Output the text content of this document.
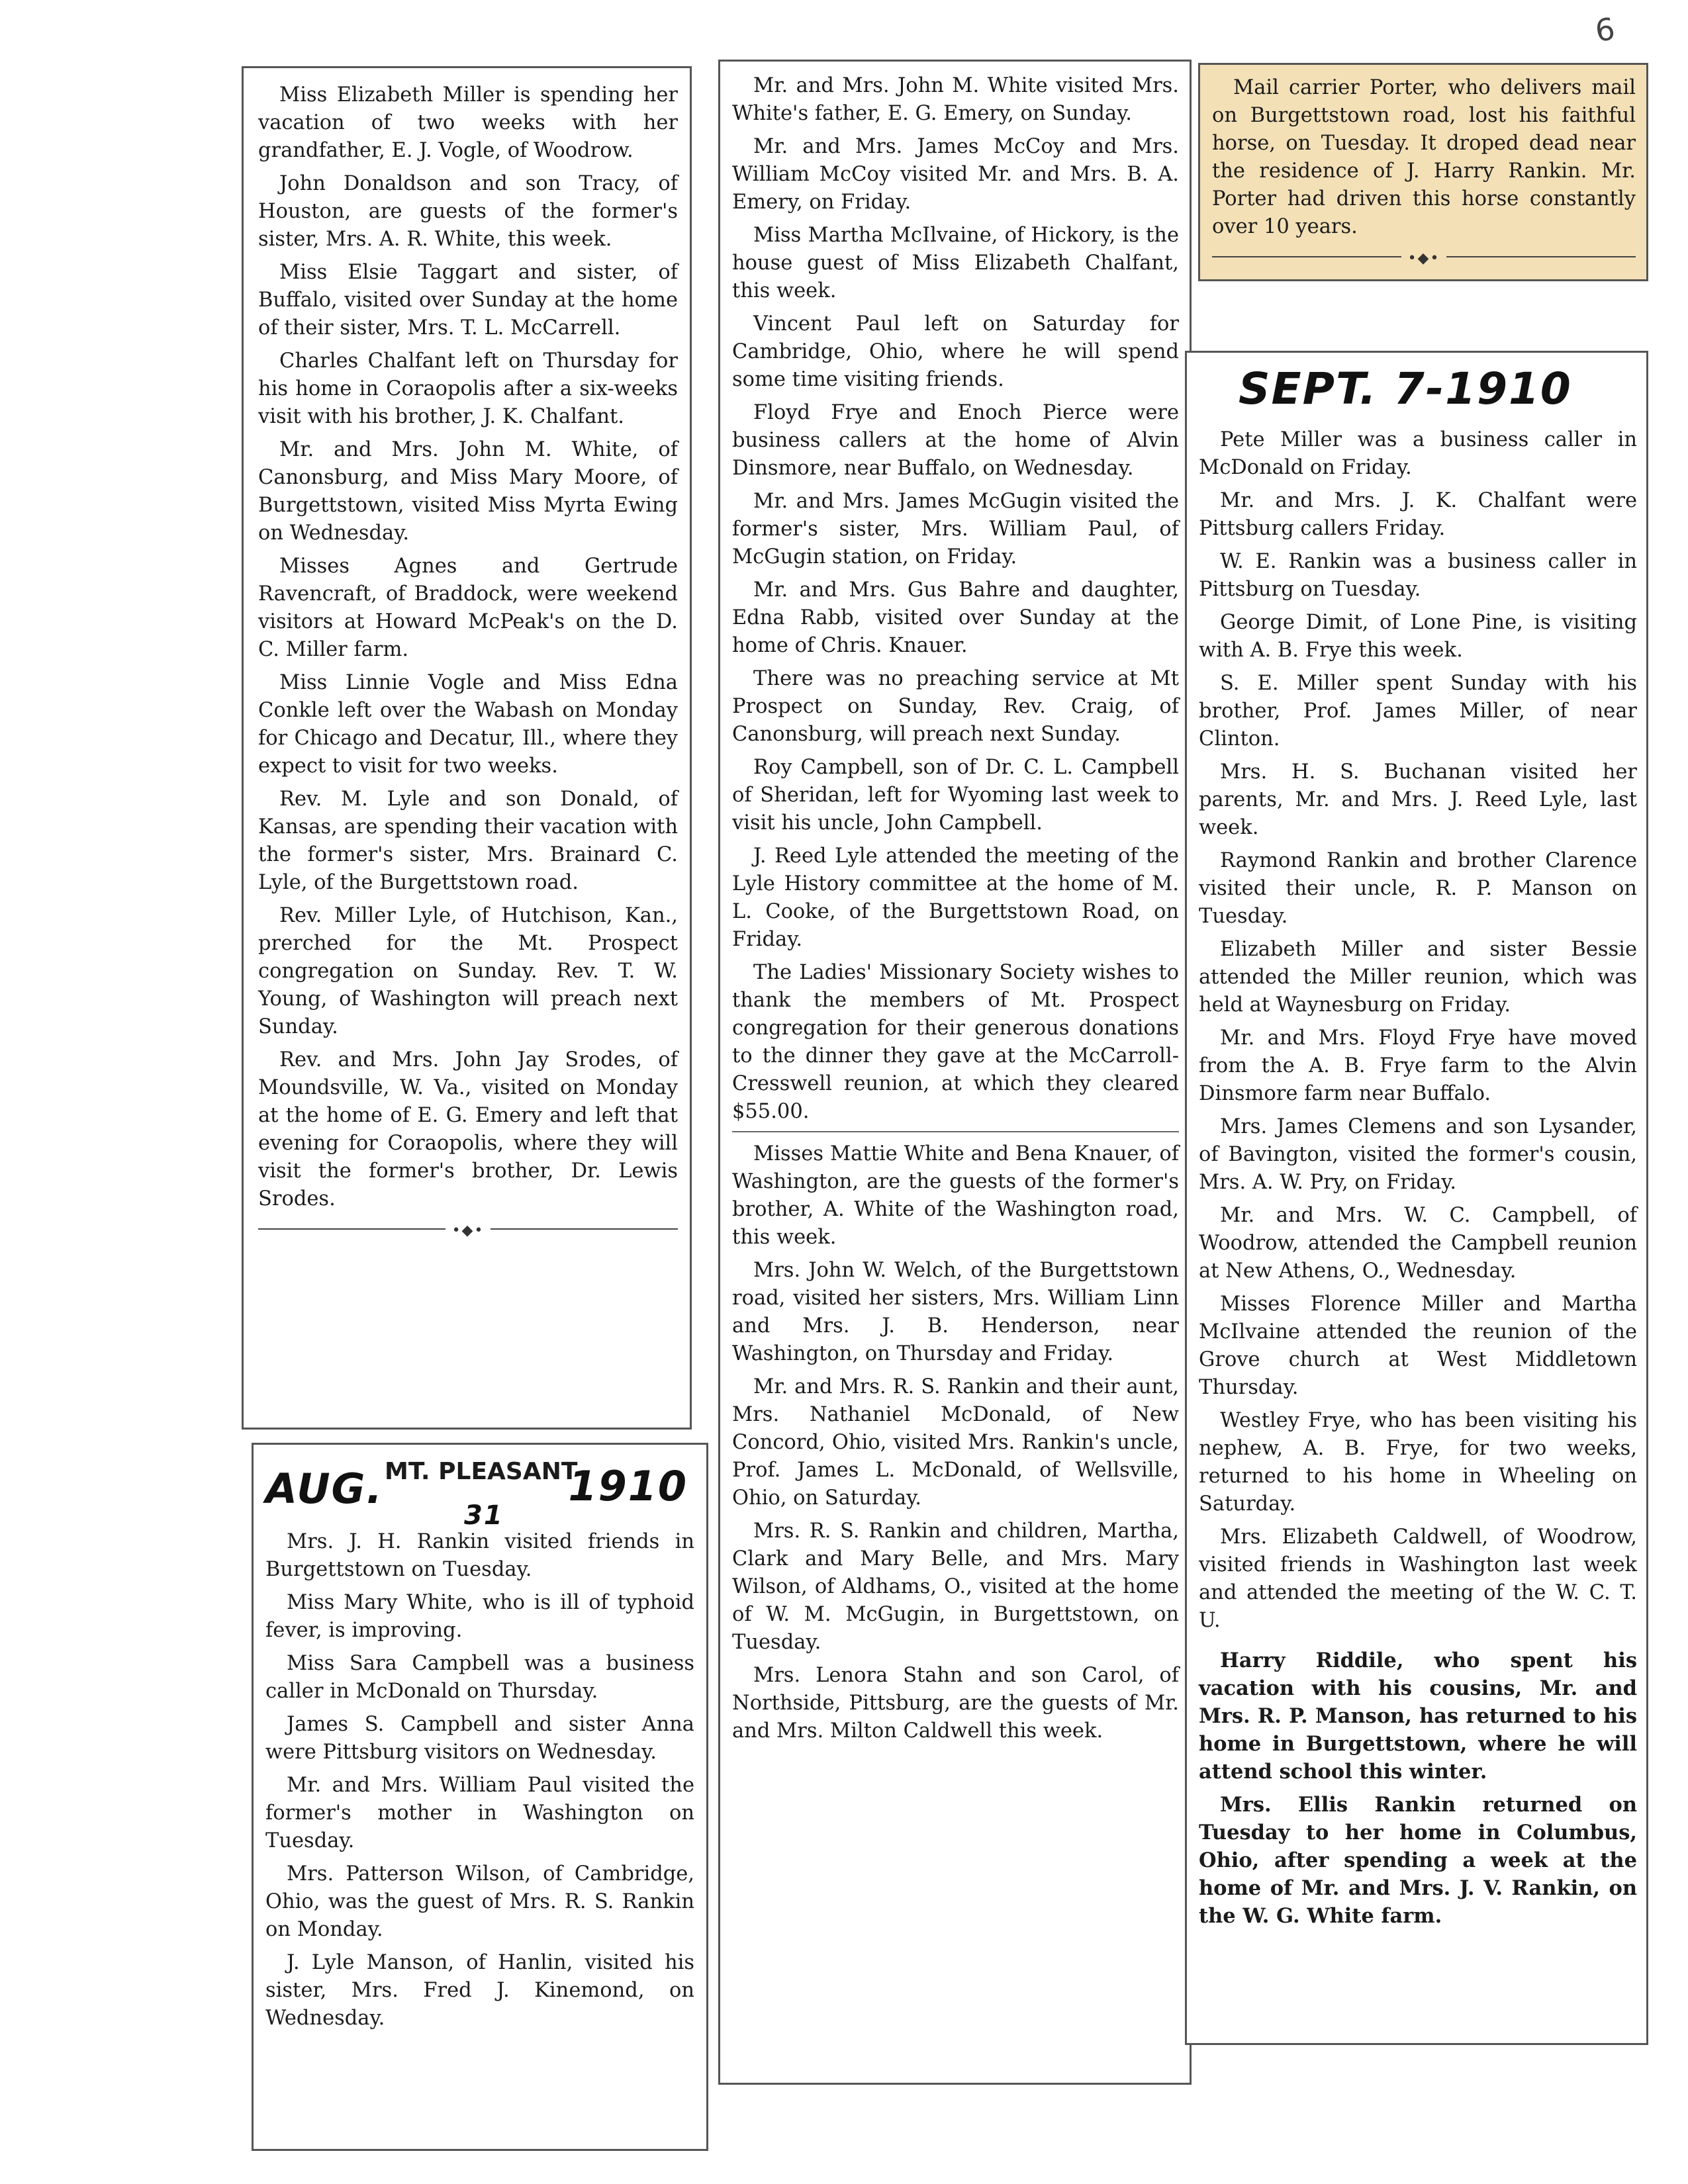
6

Miss Elizabeth Miller is spending her vacation of two weeks with her grandfather, E. J. Vogle, of Woodrow.

John Donaldson and son Tracy, of Houston, are guests of the former's sister, Mrs. A. R. White, this week.

Miss Elsie Taggart and sister, of Buffalo, visited over Sunday at the home of their sister, Mrs. T. L. McCarrell.

Charles Chalfant left on Thursday for his home in Coraopolis after a six-weeks visit with his brother, J. K. Chalfant.

Mr. and Mrs. John M. White, of Canonsburg, and Miss Mary Moore, of Burgettstown, visited Miss Myrta Ewing on Wednesday.

Misses Agnes and Gertrude Ravencraft, of Braddock, were weekend visitors at Howard McPeak's on the D. C. Miller farm.

Miss Linnie Vogle and Miss Edna Conkle left over the Wabash on Monday for Chicago and Decatur, Ill., where they expect to visit for two weeks.

Rev. M. Lyle and son Donald, of Kansas, are spending their vacation with the former's sister, Mrs. Brainard C. Lyle, of the Burgettstown road.

Rev. Miller Lyle, of Hutchison, Kan., prerched for the Mt. Prospect congregation on Sunday. Rev. T. W. Young, of Washington will preach next Sunday.

Rev. and Mrs. John Jay Srodes, of Moundsville, W. Va., visited on Monday at the home of E. G. Emery and left that evening for Coraopolis, where they will visit the former's brother, Dr. Lewis Srodes.

•◆•
AUG. MT. PLEASANT
31
1910

Mrs. J. H. Rankin visited friends in Burgettstown on Tuesday.

Miss Mary White, who is ill of typhoid fever, is improving.

Miss Sara Campbell was a business caller in McDonald on Thursday.

James S. Campbell and sister Anna were Pittsburg visitors on Wednesday.

Mr. and Mrs. William Paul visited the former's mother in Washington on Tuesday.

Mrs. Patterson Wilson, of Cambridge, Ohio, was the guest of Mrs. R. S. Rankin on Monday.

J. Lyle Manson, of Hanlin, visited his sister, Mrs. Fred J. Kinemond, on Wednesday.

Mr. and Mrs. John M. White visited Mrs. White's father, E. G. Emery, on Sunday.

Mr. and Mrs. James McCoy and Mrs. William McCoy visited Mr. and Mrs. B. A. Emery, on Friday.

Miss Martha McIlvaine, of Hickory, is the house guest of Miss Elizabeth Chalfant, this week.

Vincent Paul left on Saturday for Cambridge, Ohio, where he will spend some time visiting friends.

Floyd Frye and Enoch Pierce were business callers at the home of Alvin Dinsmore, near Buffalo, on Wednesday.

Mr. and Mrs. James McGugin visited the former's sister, Mrs. William Paul, of McGugin station, on Friday.

Mr. and Mrs. Gus Bahre and daughter, Edna Rabb, visited over Sunday at the home of Chris. Knauer.

There was no preaching service at Mt Prospect on Sunday, Rev. Craig, of Canonsburg, will preach next Sunday.

Roy Campbell, son of Dr. C. L. Campbell of Sheridan, left for Wyoming last week to visit his uncle, John Campbell.

J. Reed Lyle attended the meeting of the Lyle History committee at the home of M. L. Cooke, of the Burgettstown Road, on Friday.

The Ladies' Missionary Society wishes to thank the members of Mt. Prospect congregation for their generous donations to the dinner they gave at the McCarroll-Cresswell reunion, at which they cleared $55.00.

Misses Mattie White and Bena Knauer, of Washington, are the guests of the former's brother, A. White of the Washington road, this week.

Mrs. John W. Welch, of the Burgettstown road, visited her sisters, Mrs. William Linn and Mrs. J. B. Henderson, near Washington, on Thursday and Friday.

Mr. and Mrs. R. S. Rankin and their aunt, Mrs. Nathaniel McDonald, of New Concord, Ohio, visited Mrs. Rankin's uncle, Prof. James L. McDonald, of Wellsville, Ohio, on Saturday.

Mrs. R. S. Rankin and children, Martha, Clark and Mary Belle, and Mrs. Mary Wilson, of Aldhams, O., visited at the home of W. M. McGugin, in Burgettstown, on Tuesday.

Mrs. Lenora Stahn and son Carol, of Northside, Pittsburg, are the guests of Mr. and Mrs. Milton Caldwell this week.

Mail carrier Porter, who delivers mail on Burgettstown road, lost his faithful horse, on Tuesday. It droped dead near the residence of J. Harry Rankin. Mr. Porter had driven this horse constantly over 10 years.

•◆•
SEPT. 7-1910

Pete Miller was a business caller in McDonald on Friday.

Mr. and Mrs. J. K. Chalfant were Pittsburg callers Friday.

W. E. Rankin was a business caller in Pittsburg on Tuesday.

George Dimit, of Lone Pine, is visiting with A. B. Frye this week.

S. E. Miller spent Sunday with his brother, Prof. James Miller, of near Clinton.

Mrs. H. S. Buchanan visited her parents, Mr. and Mrs. J. Reed Lyle, last week.

Raymond Rankin and brother Clarence visited their uncle, R. P. Manson on Tuesday.

Elizabeth Miller and sister Bessie attended the Miller reunion, which was held at Waynesburg on Friday.

Mr. and Mrs. Floyd Frye have moved from the A. B. Frye farm to the Alvin Dinsmore farm near Buffalo.

Mrs. James Clemens and son Lysander, of Bavington, visited the former's cousin, Mrs. A. W. Pry, on Friday.

Mr. and Mrs. W. C. Campbell, of Woodrow, attended the Campbell reunion at New Athens, O., Wednesday.

Misses Florence Miller and Martha McIlvaine attended the reunion of the Grove church at West Middletown Thursday.

Westley Frye, who has been visiting his nephew, A. B. Frye, for two weeks, returned to his home in Wheeling on Saturday.

Mrs. Elizabeth Caldwell, of Woodrow, visited friends in Washington last week and attended the meeting of the W. C. T. U.

Harry Riddile, who spent his vacation with his cousins, Mr. and Mrs. R. P. Manson, has returned to his home in Burgettstown, where he will attend school this winter.

Mrs. Ellis Rankin returned on Tuesday to her home in Columbus, Ohio, after spending a week at the home of Mr. and Mrs. J. V. Rankin, on the W. G. White farm.
